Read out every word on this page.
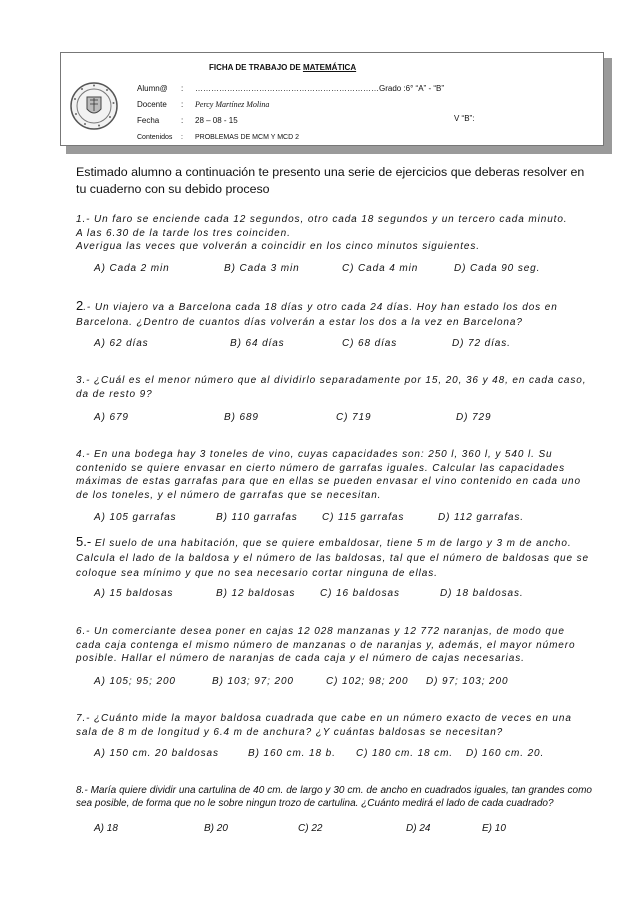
FICHA DE TRABAJO DE MATEMÁTICA
Alumn@ : ……………………………………………………………Grado :6° “A” - “B”
Docente : Percy Martínez Molina
Fecha	: 28 – 08 - 15	V “B”:
Contenidos : PROBLEMAS DE MCM Y MCD 2
Estimado alumno a continuación te presento una serie de ejercicios que deberas resolver en tu cuaderno con su debido proceso
1.- Un faro se enciende cada 12 segundos, otro cada 18 segundos y un tercero cada minuto.
A las 6.30 de la tarde los tres coinciden.
Averigua las veces que volverán a coincidir en los cinco minutos siguientes.
A) Cada 2 min	B) Cada 3 min	C) Cada 4 min	D) Cada 90 seg.
2.- Un viajero va a Barcelona cada 18 días y otro cada 24 días. Hoy han estado los dos en Barcelona. ¿Dentro de cuantos días volverán a estar los dos a la vez en Barcelona?
A) 62 días	B) 64 días	C) 68 días	D) 72 días.
3.- ¿Cuál es el menor número que al dividirlo separadamente por 15, 20, 36 y 48, en cada caso, da de resto 9?
A) 679	B) 689	C) 719	D) 729
4.- En una bodega hay 3 toneles de vino, cuyas capacidades son: 250 l, 360 l, y 540 l. Su contenido se quiere envasar en cierto número de garrafas iguales. Calcular las capacidades máximas de estas garrafas para que en ellas se pueden envasar el vino contenido en cada uno de los toneles, y el número de garrafas que se necesitan.
A) 105 garrafas	B) 110 garrafas C) 115 garrafas	D) 112 garrafas.
5.- El suelo de una habitación, que se quiere embaldosar, tiene 5 m de largo y 3 m de ancho. Calcula el lado de la baldosa y el número de las baldosas, tal que el número de baldosas que se coloque sea mínimo y que no sea necesario cortar ninguna de ellas.
A) 15 baldosas	B) 12 baldosas C) 16 baldosas	D) 18 baldosas.
6.- Un comerciante desea poner en cajas 12 028 manzanas y 12 772 naranjas, de modo que cada caja contenga el mismo número de manzanas o de naranjas y, además, el mayor número posible. Hallar el número de naranjas de cada caja y el número de cajas necesarias.
A) 105; 95; 200	B) 103; 97; 200	C) 102; 98; 200 D) 97; 103; 200
7.- ¿Cuánto mide la mayor baldosa cuadrada que cabe en un número exacto de veces en una sala de 8 m de longitud y 6.4 m de anchura? ¿Y cuántas baldosas se necesitan?
A) 150 cm. 20 baldosas	B) 160 cm. 18 b. C) 180 cm. 18 cm. D) 160 cm. 20.
8.- María quiere dividir una cartulina de 40 cm. de largo y 30 cm. de ancho en cuadrados iguales, tan grandes como sea posible, de forma que no le sobre ningun trozo de cartulina. ¿Cuánto medirá el lado de cada cuadrado?
A) 18	B) 20	C) 22	D) 24	E) 10
